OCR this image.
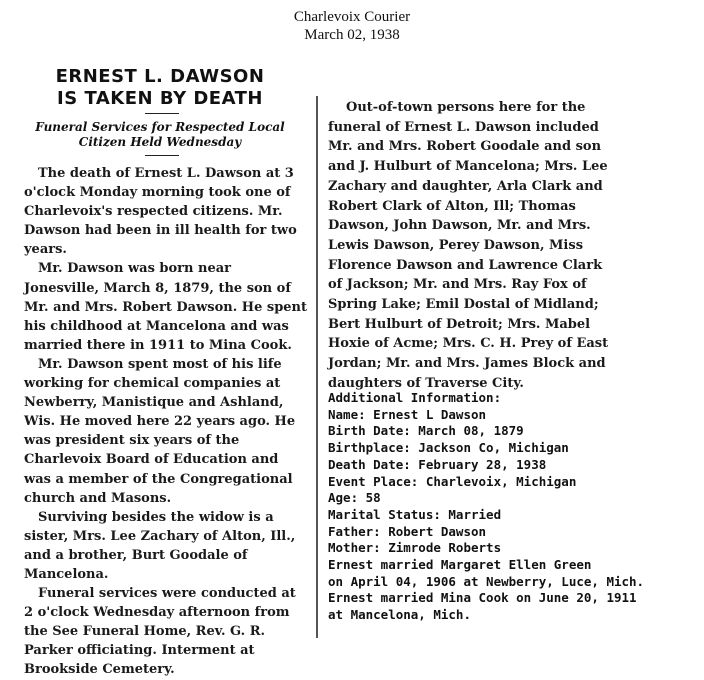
Charlevoix Courier
March 02, 1938
ERNEST L. DAWSON
IS TAKEN BY DEATH
Funeral Services for Respected Local
Citizen Held Wednesday

The death of Ernest L. Dawson at 3 o'clock Monday morning took one of Charlevoix's respected citizens. Mr. Dawson had been in ill health for two years.

Mr. Dawson was born near Jonesville, March 8, 1879, the son of Mr. and Mrs. Robert Dawson. He spent his childhood at Mancelona and was married there in 1911 to Mina Cook.

Mr. Dawson spent most of his life working for chemical companies at Newberry, Manistique and Ashland, Wis. He moved here 22 years ago. He was president six years of the Charlevoix Board of Education and was a member of the Congregational church and Masons.

Surviving besides the widow is a sister, Mrs. Lee Zachary of Alton, Ill., and a brother, Burt Goodale of Mancelona.

Funeral services were conducted at 2 o'clock Wednesday afternoon from the See Funeral Home, Rev. G. R. Parker officiating. Interment at Brookside Cemetery.

Out-of-town persons here for the funeral of Ernest L. Dawson included Mr. and Mrs. Robert Goodale and son and J. Hulburt of Mancelona; Mrs. Lee Zachary and daughter, Arla Clark and Robert Clark of Alton, Ill; Thomas Dawson, John Dawson, Mr. and Mrs. Lewis Dawson, Perey Dawson, Miss Florence Dawson and Lawrence Clark of Jackson; Mr. and Mrs. Ray Fox of Spring Lake; Emil Dostal of Midland; Bert Hulburt of Detroit; Mrs. Mabel Hoxie of Acme; Mrs. C. H. Prey of East Jordan; Mr. and Mrs. James Block and daughters of Traverse City.

Additional Information:
Name: Ernest L Dawson
Birth Date: March 08, 1879
Birthplace: Jackson Co, Michigan
Death Date: February 28, 1938
Event Place: Charlevoix, Michigan
Age: 58
Marital Status: Married
Father: Robert Dawson
Mother: Zimrode Roberts
Ernest married Margaret Ellen Green
on April 04, 1906 at Newberry, Luce, Mich.
Ernest married Mina Cook on June 20, 1911
at Mancelona, Mich.
